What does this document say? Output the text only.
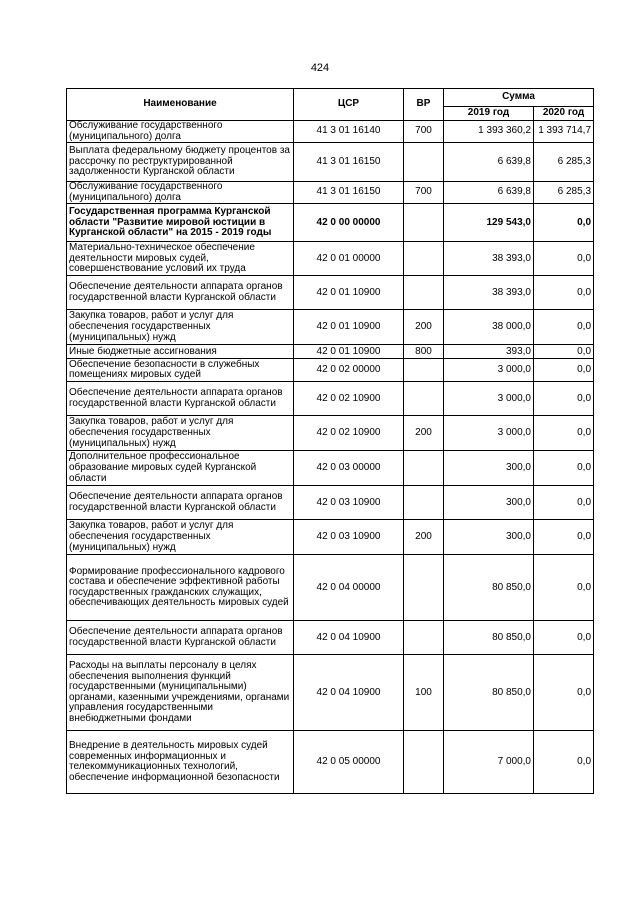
424
Наименование	ЦСР	ВР	Сумма	
			2019 год	2020 год
Обслуживание государственного (муниципального) долга	41 3 01 16140	700	1 393 360,2	1 393 714,7
Выплата федеральному бюджету процентов за рассрочку по реструктурированной задолженности Курганской области	41 3 01 16150		6 639,8	6 285,3
Обслуживание государственного (муниципального) долга	41 3 01 16150	700	6 639,8	6 285,3
Государственная программа Курганской области "Развитие мировой юстиции в Курганской области" на 2015 - 2019 годы	42 0 00 00000		129 543,0	0,0
Материально-техническое обеспечение деятельности мировых судей, совершенствование условий их труда	42 0 01 00000		38 393,0	0,0
Обеспечение деятельности аппарата органов государственной власти Курганской области	42 0 01 10900		38 393,0	0,0
Закупка товаров, работ и услуг для обеспечения государственных (муниципальных) нужд	42 0 01 10900	200	38 000,0	0,0
Иные бюджетные ассигнования	42 0 01 10900	800	393,0	0,0
Обеспечение безопасности в служебных помещениях мировых судей	42 0 02 00000		3 000,0	0,0
Обеспечение деятельности аппарата органов государственной власти Курганской области	42 0 02 10900		3 000,0	0,0
Закупка товаров, работ и услуг для обеспечения государственных (муниципальных) нужд	42 0 02 10900	200	3 000,0	0,0
Дополнительное профессиональное образование мировых судей Курганской области	42 0 03 00000		300,0	0,0
Обеспечение деятельности аппарата органов государственной власти Курганской области	42 0 03 10900		300,0	0,0
Закупка товаров, работ и услуг для обеспечения государственных (муниципальных) нужд	42 0 03 10900	200	300,0	0,0
Формирование профессионального кадрового состава и обеспечение эффективной работы государственных гражданских служащих, обеспечивающих деятельность мировых судей	42 0 04 00000		80 850,0	0,0
Обеспечение деятельности аппарата органов государственной власти Курганской области	42 0 04 10900		80 850,0	0,0
Расходы на выплаты персоналу в целях обеспечения выполнения функций государственными (муниципальными) органами, казенными учреждениями, органами управления государственными внебюджетными фондами	42 0 04 10900	100	80 850,0	0,0
Внедрение в деятельность мировых судей современных информационных и телекоммуникационных технологий, обеспечение информационной безопасности	42 0 05 00000		7 000,0	0,0
